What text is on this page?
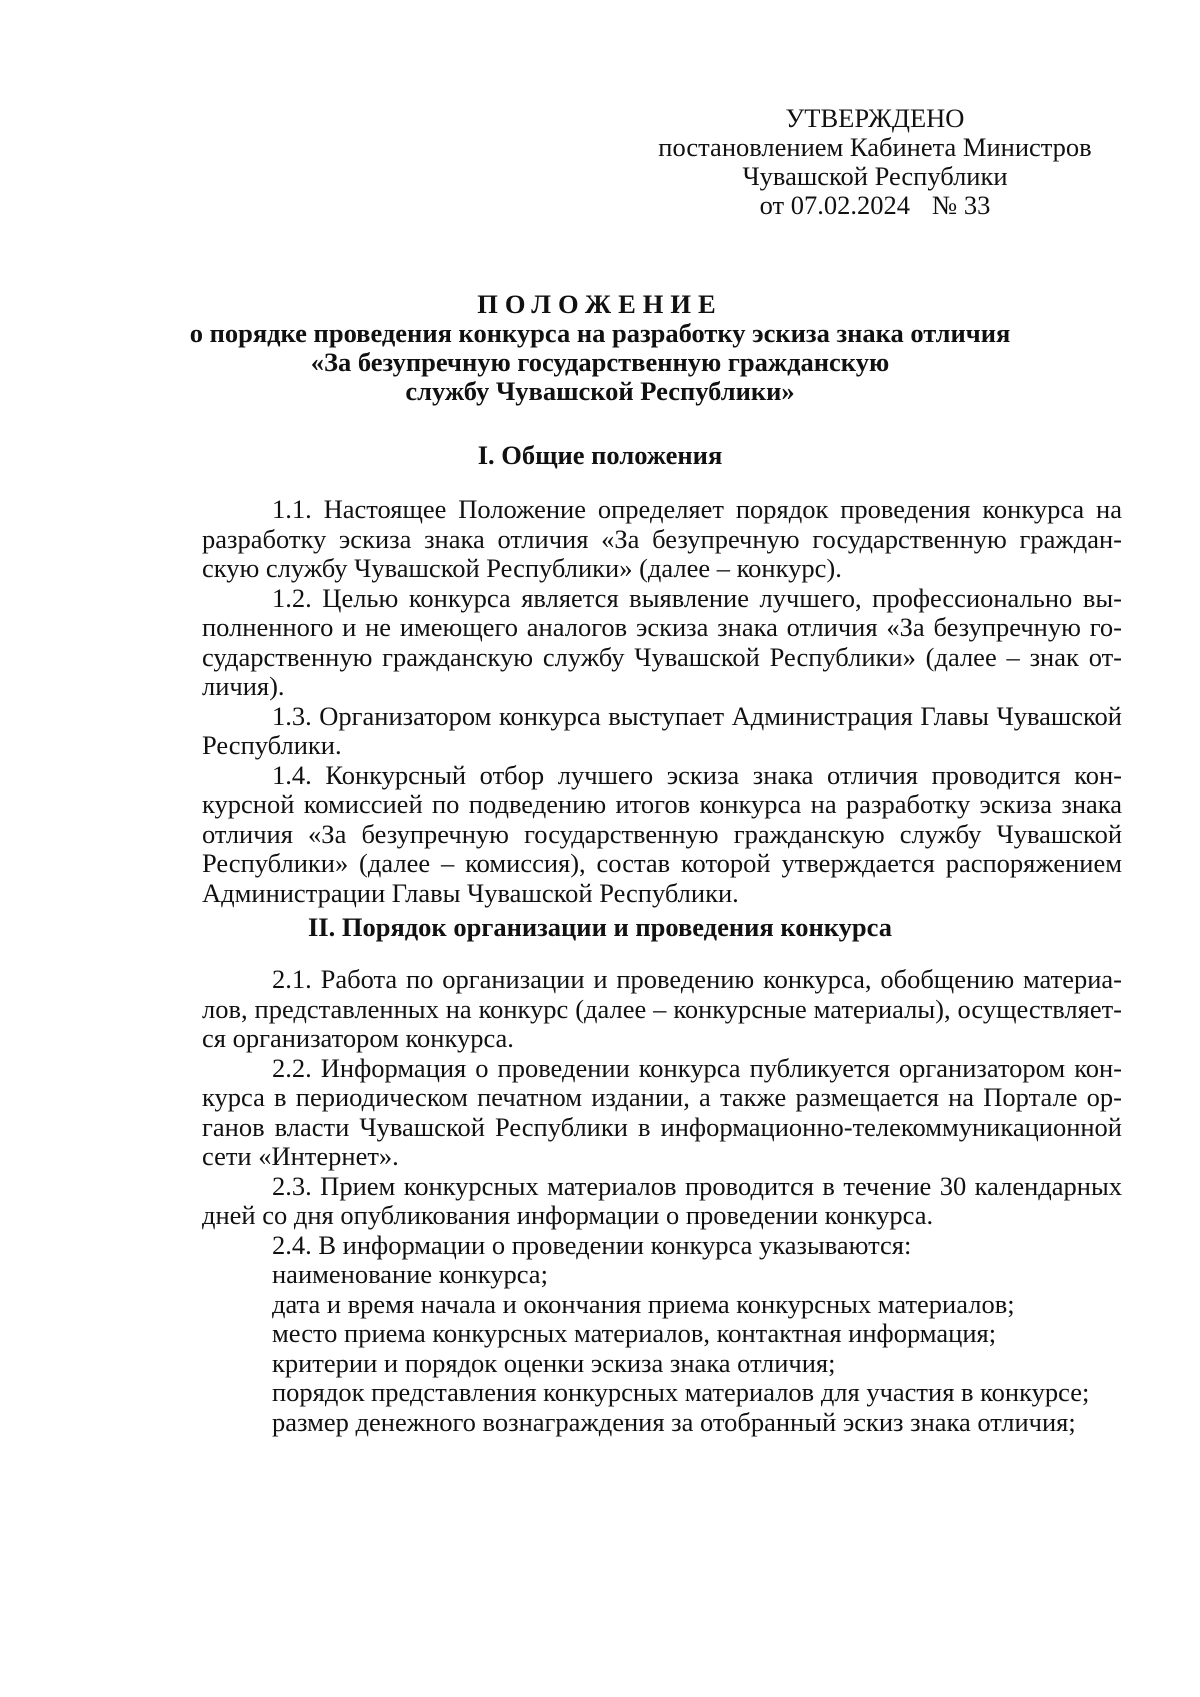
УТВЕРЖДЕНО
постановлением Кабинета Министров
Чувашской Республики
от 07.02.2024 № 33
ПОЛОЖЕНИЕ
о порядке проведения конкурса на разработку эскиза знака отличия
«За безупречную государственную гражданскую
службу Чувашской Республики»
I. Общие положения
1.1. Настоящее Положение определяет порядок проведения конкурса на
разработку эскиза знака отличия «За безупречную государственную граждан-
скую службу Чувашской Республики» (далее – конкурс).
1.2. Целью конкурса является выявление лучшего, профессионально вы-
полненного и не имеющего аналогов эскиза знака отличия «За безупречную го-
сударственную гражданскую службу Чувашской Республики» (далее – знак от-
личия).
1.3. Организатором конкурса выступает Администрация Главы Чувашской
Республики.
1.4. Конкурсный отбор лучшего эскиза знака отличия проводится кон-
курсной комиссией по подведению итогов конкурса на разработку эскиза знака
отличия «За безупречную государственную гражданскую службу Чувашской
Республики» (далее – комиссия), состав которой утверждается распоряжением
Администрации Главы Чувашской Республики.
II. Порядок организации и проведения конкурса
2.1. Работа по организации и проведению конкурса, обобщению материа-
лов, представленных на конкурс (далее – конкурсные материалы), осуществляет-
ся организатором конкурса.
2.2. Информация о проведении конкурса публикуется организатором кон-
курса в периодическом печатном издании, а также размещается на Портале ор-
ганов власти Чувашской Республики в информационно-телекоммуникационной
сети «Интернет».
2.3. Прием конкурсных материалов проводится в течение 30 календарных
дней со дня опубликования информации о проведении конкурса.
2.4. В информации о проведении конкурса указываются:
наименование конкурса;
дата и время начала и окончания приема конкурсных материалов;
место приема конкурсных материалов, контактная информация;
критерии и порядок оценки эскиза знака отличия;
порядок представления конкурсных материалов для участия в конкурсе;
размер денежного вознаграждения за отобранный эскиз знака отличия;
